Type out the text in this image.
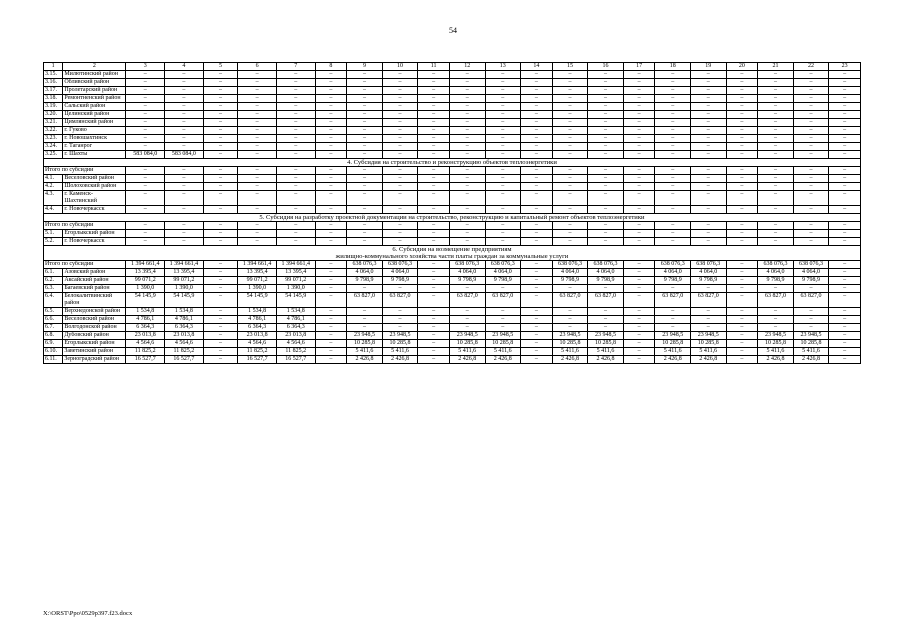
54
1	2	3	4	5	6	7	8	9	10	11	12	13	14	15	16	17	18	19	20	21	22	23
3.15.	Милютинский район	–	–	–	–	–	–	–	–	–	–	–	–	–	–	–	–	–	–	–	–	–
3.16.	Обливский район	–	–	–	–	–	–	–	–	–	–	–	–	–	–	–	–	–	–	–	–	–
3.17.	Пролетарский район	–	–	–	–	–	–	–	–	–	–	–	–	–	–	–	–	–	–	–	–	–
3.18.	Ремонтненский район	–	–	–	–	–	–	–	–	–	–	–	–	–	–	–	–	–	–	–	–	–
3.19.	Сальский район	–	–	–	–	–	–	–	–	–	–	–	–	–	–	–	–	–	–	–	–	–
3.20.	Целинский район	–	–	–	–	–	–	–	–	–	–	–	–	–	–	–	–	–	–	–	–	–
3.21.	Цимлянский район	–	–	–	–	–	–	–	–	–	–	–	–	–	–	–	–	–	–	–	–	–
3.22.	г. Гуково	–	–	–	–	–	–	–	–	–	–	–	–	–	–	–	–	–	–	–	–	–
3.23.	г. Новошахтинск	–	–	–	–	–	–	–	–	–	–	–	–	–	–	–	–	–	–	–	–	–
3.24.	г. Таганрог	–	–	–	–	–	–	–	–	–	–	–	–	–	–	–	–	–	–	–	–	–
3.25.	г. Шахты	583 084,0	583 084,0	–	–	–	–	–	–	–	–	–	–	–	–	–	–	–	–	–	–	–
4. Субсидия на строительство и реконструкцию объектов теплоэнергетики																						
Итого по субсидии		–	–	–	–	–	–	–	–	–	–	–	–	–	–	–	–	–	–	–	–	–
4.1.	Веселовский район	–	–	–	–	–	–	–	–	–	–	–	–	–	–	–	–	–	–	–	–	–
4.2.	Шолоховский район	–	–	–	–	–	–	–	–	–	–	–	–	–	–	–	–	–	–	–	–	–
4.3.	г. Каменск-Шахтинский	–	–	–	–	–	–	–	–	–	–	–	–	–	–	–	–	–	–	–	–	–
4.4.	г. Новочеркасск	–	–	–	–	–	–	–	–	–	–	–	–	–	–	–	–	–	–	–	–	–
5. Субсидия на разработку проектной документации на строительство, реконструкцию и капитальный ремонт объектов теплоэнергетики																						
Итого по субсидии		–	–	–	–	–	–	–	–	–	–	–	–	–	–	–	–	–	–	–	–	–
5.1.	Егорлыкский район	–	–	–	–	–	–	–	–	–	–	–	–	–	–	–	–	–	–	–	–	–
5.2.	г. Новочеркасск	–	–	–	–	–	–	–	–	–	–	–	–	–	–	–	–	–	–	–	–	–

6. Субсидия на возмещение предприятиям
жилищно-коммунального хозяйства части платы граждан за коммунальные услуги																						

Итого по субсидии		1 394 661,4	1 394 661,4	–	1 394 661,4	1 394 661,4	–	638 076,3	638 076,3	–	638 076,3	638 076,3	–	638 076,3	638 076,3	–	638 076,3	638 076,3	–	638 076,3	638 076,3	–
6.1.	Азовский район	13 395,4	13 395,4	–	13 395,4	13 395,4	–	4 064,0	4 064,0	–	4 064,0	4 064,0	–	4 064,0	4 064,0	–	4 064,0	4 064,0	–	4 064,0	4 064,0	–
6.2.	Аксайский район	99 071,2	99 071,2	–	99 071,2	99 071,2	–	9 798,9	9 798,9	–	9 798,9	9 798,9	–	9 798,9	9 798,9	–	9 798,9	9 798,9	–	9 798,9	9 798,9	–
6.3.	Багаевский район	1 390,0	1 390,0	–	1 390,0	1 390,0	–	–	–	–	–	–	–	–	–	–	–	–	–	–	–	–
6.4.	Белокалитвинский район	54 145,9	54 145,9	–	54 145,9	54 145,9	–	63 827,0	63 827,0	–	63 827,0	63 827,0	–	63 827,0	63 827,0	–	63 827,0	63 827,0	–	63 827,0	63 827,0	–
6.5.	Верхнедонской район	1 534,8	1 534,8	–	1 534,8	1 534,8	–	–	–	–	–	–	–	–	–	–	–	–	–	–	–	–
6.6.	Веселовский район	4 786,1	4 786,1	–	4 786,1	4 786,1	–	–	–	–	–	–	–	–	–	–	–	–	–	–	–	–
6.7.	Волгодонской район	6 364,3	6 364,3	–	6 364,3	6 364,3	–	–	–	–	–	–	–	–	–	–	–	–	–	–	–	–
6.8.	Дубовский район	23 013,8	23 013,8	–	23 013,8	23 013,8	–	23 948,5	23 948,5	–	23 948,5	23 948,5	–	23 948,5	23 948,5	–	23 948,5	23 948,5	–	23 948,5	23 948,5	–
6.9.	Егорлыкский район	4 564,6	4 564,6	–	4 564,6	4 564,6	–	10 285,8	10 285,8	–	10 285,8	10 285,8	–	10 285,8	10 285,8	–	10 285,8	10 285,8	–	10 285,8	10 285,8	–
6.10.	Заветинский район	11 825,2	11 825,2	–	11 825,2	11 825,2	–	5 411,6	5 411,6	–	5 411,6	5 411,6	–	5 411,6	5 411,6	–	5 411,6	5 411,6	–	5 411,6	5 411,6	–
6.11.	Зерноградский район	16 527,7	16 527,7	–	16 527,7	16 527,7	–	2 426,8	2 426,8	–	2 426,8	2 426,8	–	2 426,8	2 426,8	–	2 426,8	2 426,8	–	2 426,8	2 426,8	–
X:\ORST\Ppo\0529p397.f23.docx
